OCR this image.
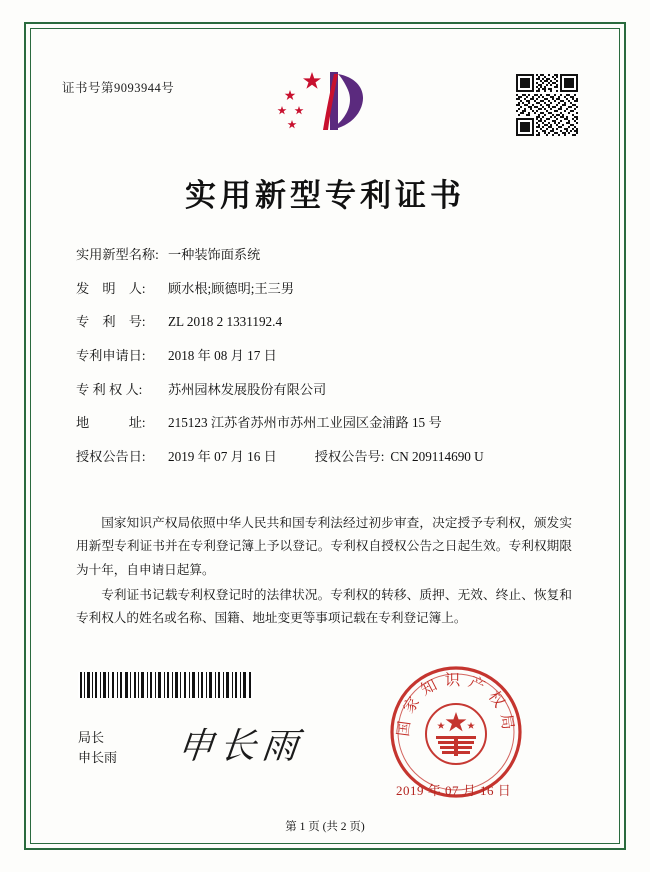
证书号第9093944号
实用新型专利证书
实用新型名称: 一种装饰面系统
发　明　人:	顾水根;顾德明;王三男
专　利　号:	ZL 2018 2 1331192.4
专利申请日:	2018 年 08 月 17 日
专 利 权 人:	苏州园林发展股份有限公司
地　　　址:	215123 江苏省苏州市苏州工业园区金浦路 15 号
授权公告日:	2019 年 07 月 16 日	授权公告号: CN 209114690 U

国家知识产权局依照中华人民共和国专利法经过初步审查，决定授予专利权，颁发实用新型专利证书并在专利登记簿上予以登记。专利权自授权公告之日起生效。专利权期限为十年，自申请日起算。

专利证书记载专利权登记时的法律状况。专利权的转移、质押、无效、终止、恢复和专利权人的姓名或名称、国籍、地址变更等事项记载在专利登记簿上。

局长
申长雨 申长雨
国家知识产权局
2019 年 07 月 16 日
第 1 页 (共 2 页)
